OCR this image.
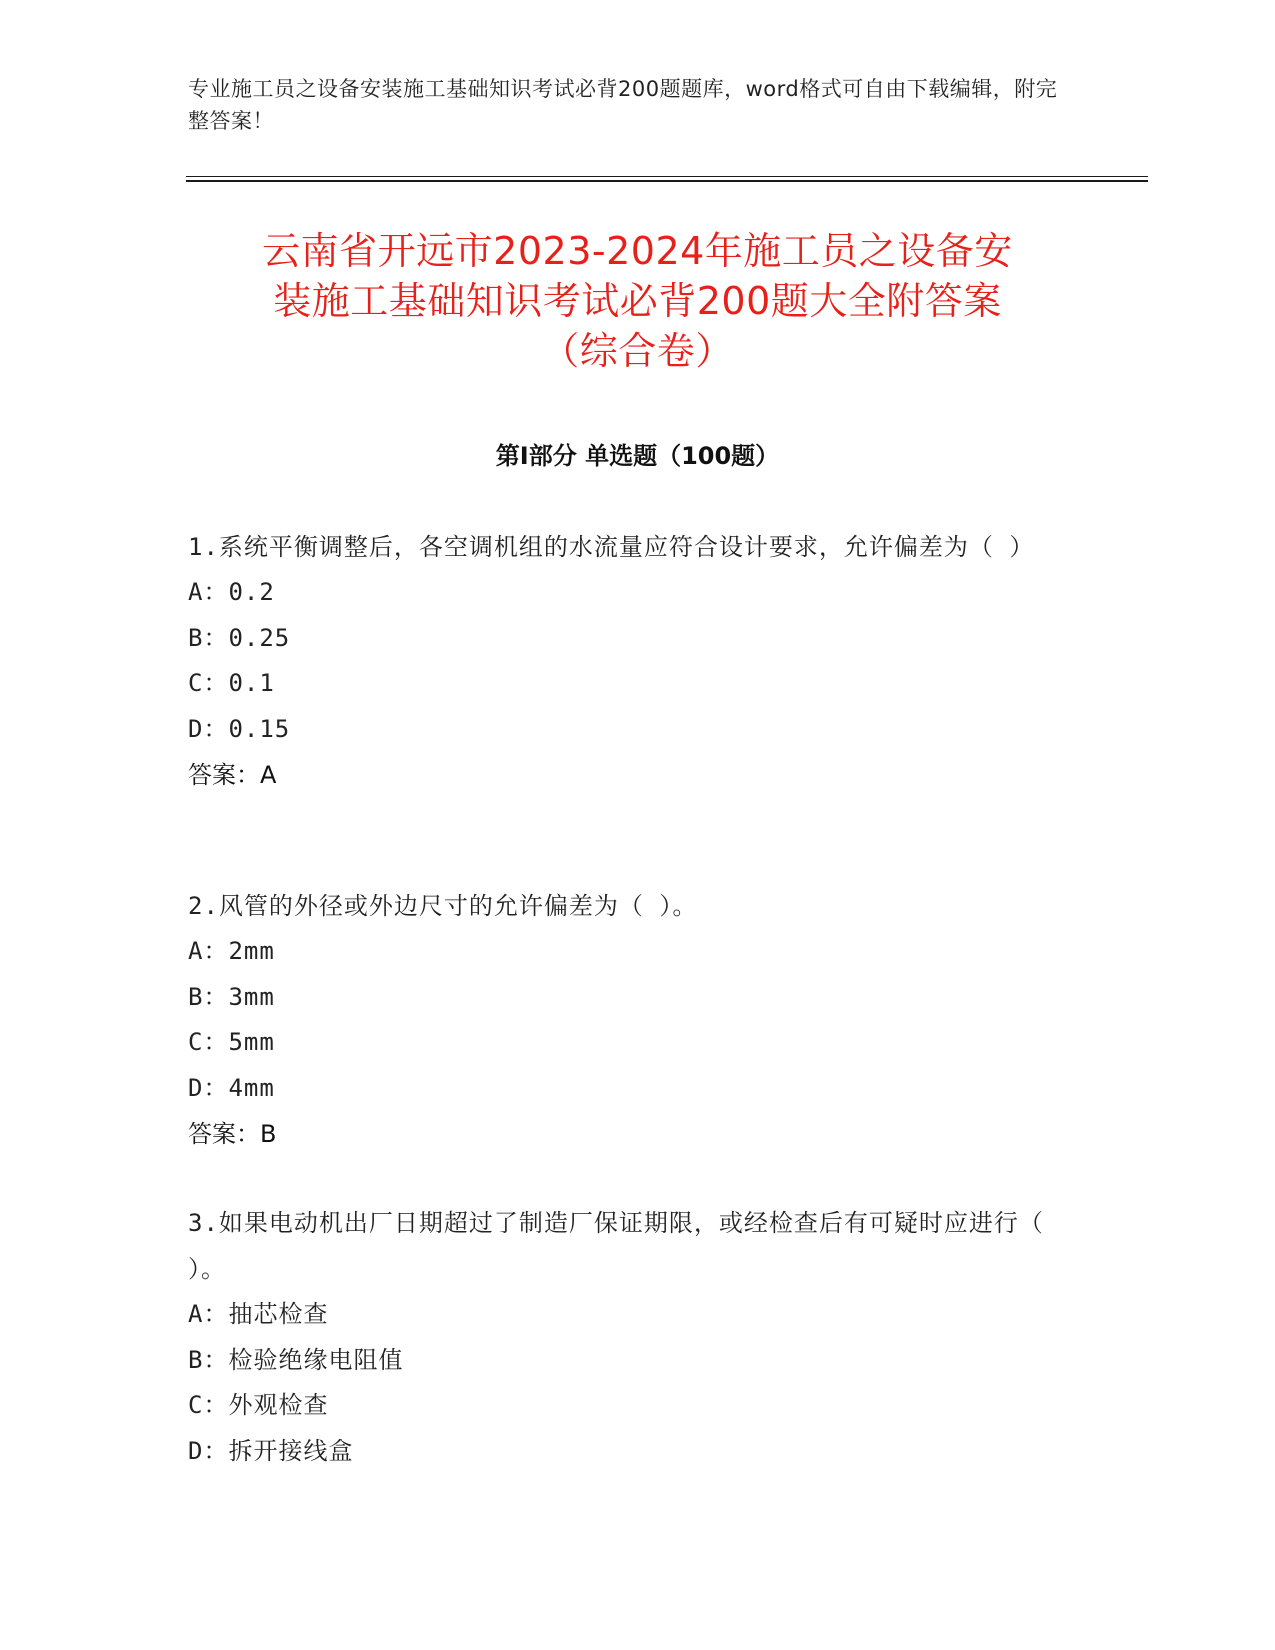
专业施工员之设备安装施工基础知识考试必背200题题库，word格式可自由下载编辑，附完整答案！
云南省开远市2023-2024年施工员之设备安
装施工基础知识考试必背200题大全附答案
（综合卷）
第Ⅰ部分 单选题（100题）
1.系统平衡调整后，各空调机组的水流量应符合设计要求，允许偏差为（ ）
A：0.2
B：0.25
C：0.1
D：0.15
答案：A
2.风管的外径或外边尺寸的允许偏差为（ ）。
A：2mm
B：3mm
C：5mm
D：4mm
答案：B
3.如果电动机出厂日期超过了制造厂保证期限，或经检查后有可疑时应进行（ ）。
A：抽芯检查
B：检验绝缘电阻值
C：外观检查
D：拆开接线盒
